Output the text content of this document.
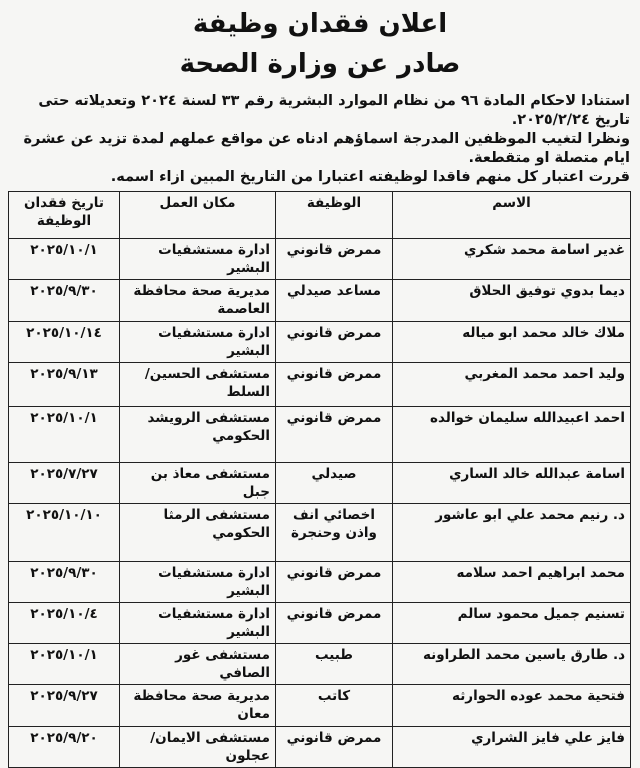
اعلان فقدان وظيفة
صادر عن وزارة الصحة

استنادا لاحكام المادة ٩٦ من نظام الموارد البشرية رقم ٣٣ لسنة ٢٠٢٤ وتعديلاته حتى تاريخ ٢٠٢٥/٢/٢٤.

ونظرا لتغيب الموظفين المدرجة اسماؤهم ادناه عن مواقع عملهم لمدة تزيد عن عشرة ايام متصلة او متقطعة.

قررت اعتبار كل منهم فاقدا لوظيفته اعتبارا من التاريخ المبين ازاء اسمه.

الاسم	الوظيفة	مكان العمل	تاريخ فقدان الوظيفة
غدير اسامة محمد شكري	ممرض قانوني	ادارة مستشفيات البشير	٢٠٢٥/١٠/١
ديما بدوي توفيق الحلاق	مساعد صيدلي	مديرية صحة محافظة العاصمة	٢٠٢٥/٩/٣٠
ملاك خالد محمد ابو مياله	ممرض قانوني	ادارة مستشفيات البشير	٢٠٢٥/١٠/١٤
وليد احمد محمد المغربي	ممرض قانوني	مستشفى الحسين/ السلط	٢٠٢٥/٩/١٣
احمد اعبيدالله سليمان خوالده	ممرض قانوني	مستشفى الرويشد الحكومي	٢٠٢٥/١٠/١
اسامة عبدالله خالد الساري	صيدلي	مستشفى معاذ بن جبل	٢٠٢٥/٧/٢٧
د. رنيم محمد علي ابو عاشور	اخصائي انف واذن وحنجرة	مستشفى الرمثا الحكومي	٢٠٢٥/١٠/١٠
محمد ابراهيم احمد سلامه	ممرض قانوني	ادارة مستشفيات البشير	٢٠٢٥/٩/٣٠
تسنيم جميل محمود سالم	ممرض قانوني	ادارة مستشفيات البشير	٢٠٢٥/١٠/٤
د. طارق ياسين محمد الطراونه	طبيب	مستشفى غور الصافي	٢٠٢٥/١٠/١
فتحية محمد عوده الحوارثه	كاتب	مديرية صحة محافظة معان	٢٠٢٥/٩/٢٧
فايز علي فايز الشراري	ممرض قانوني	مستشفى الايمان/ عجلون	٢٠٢٥/٩/٢٠
